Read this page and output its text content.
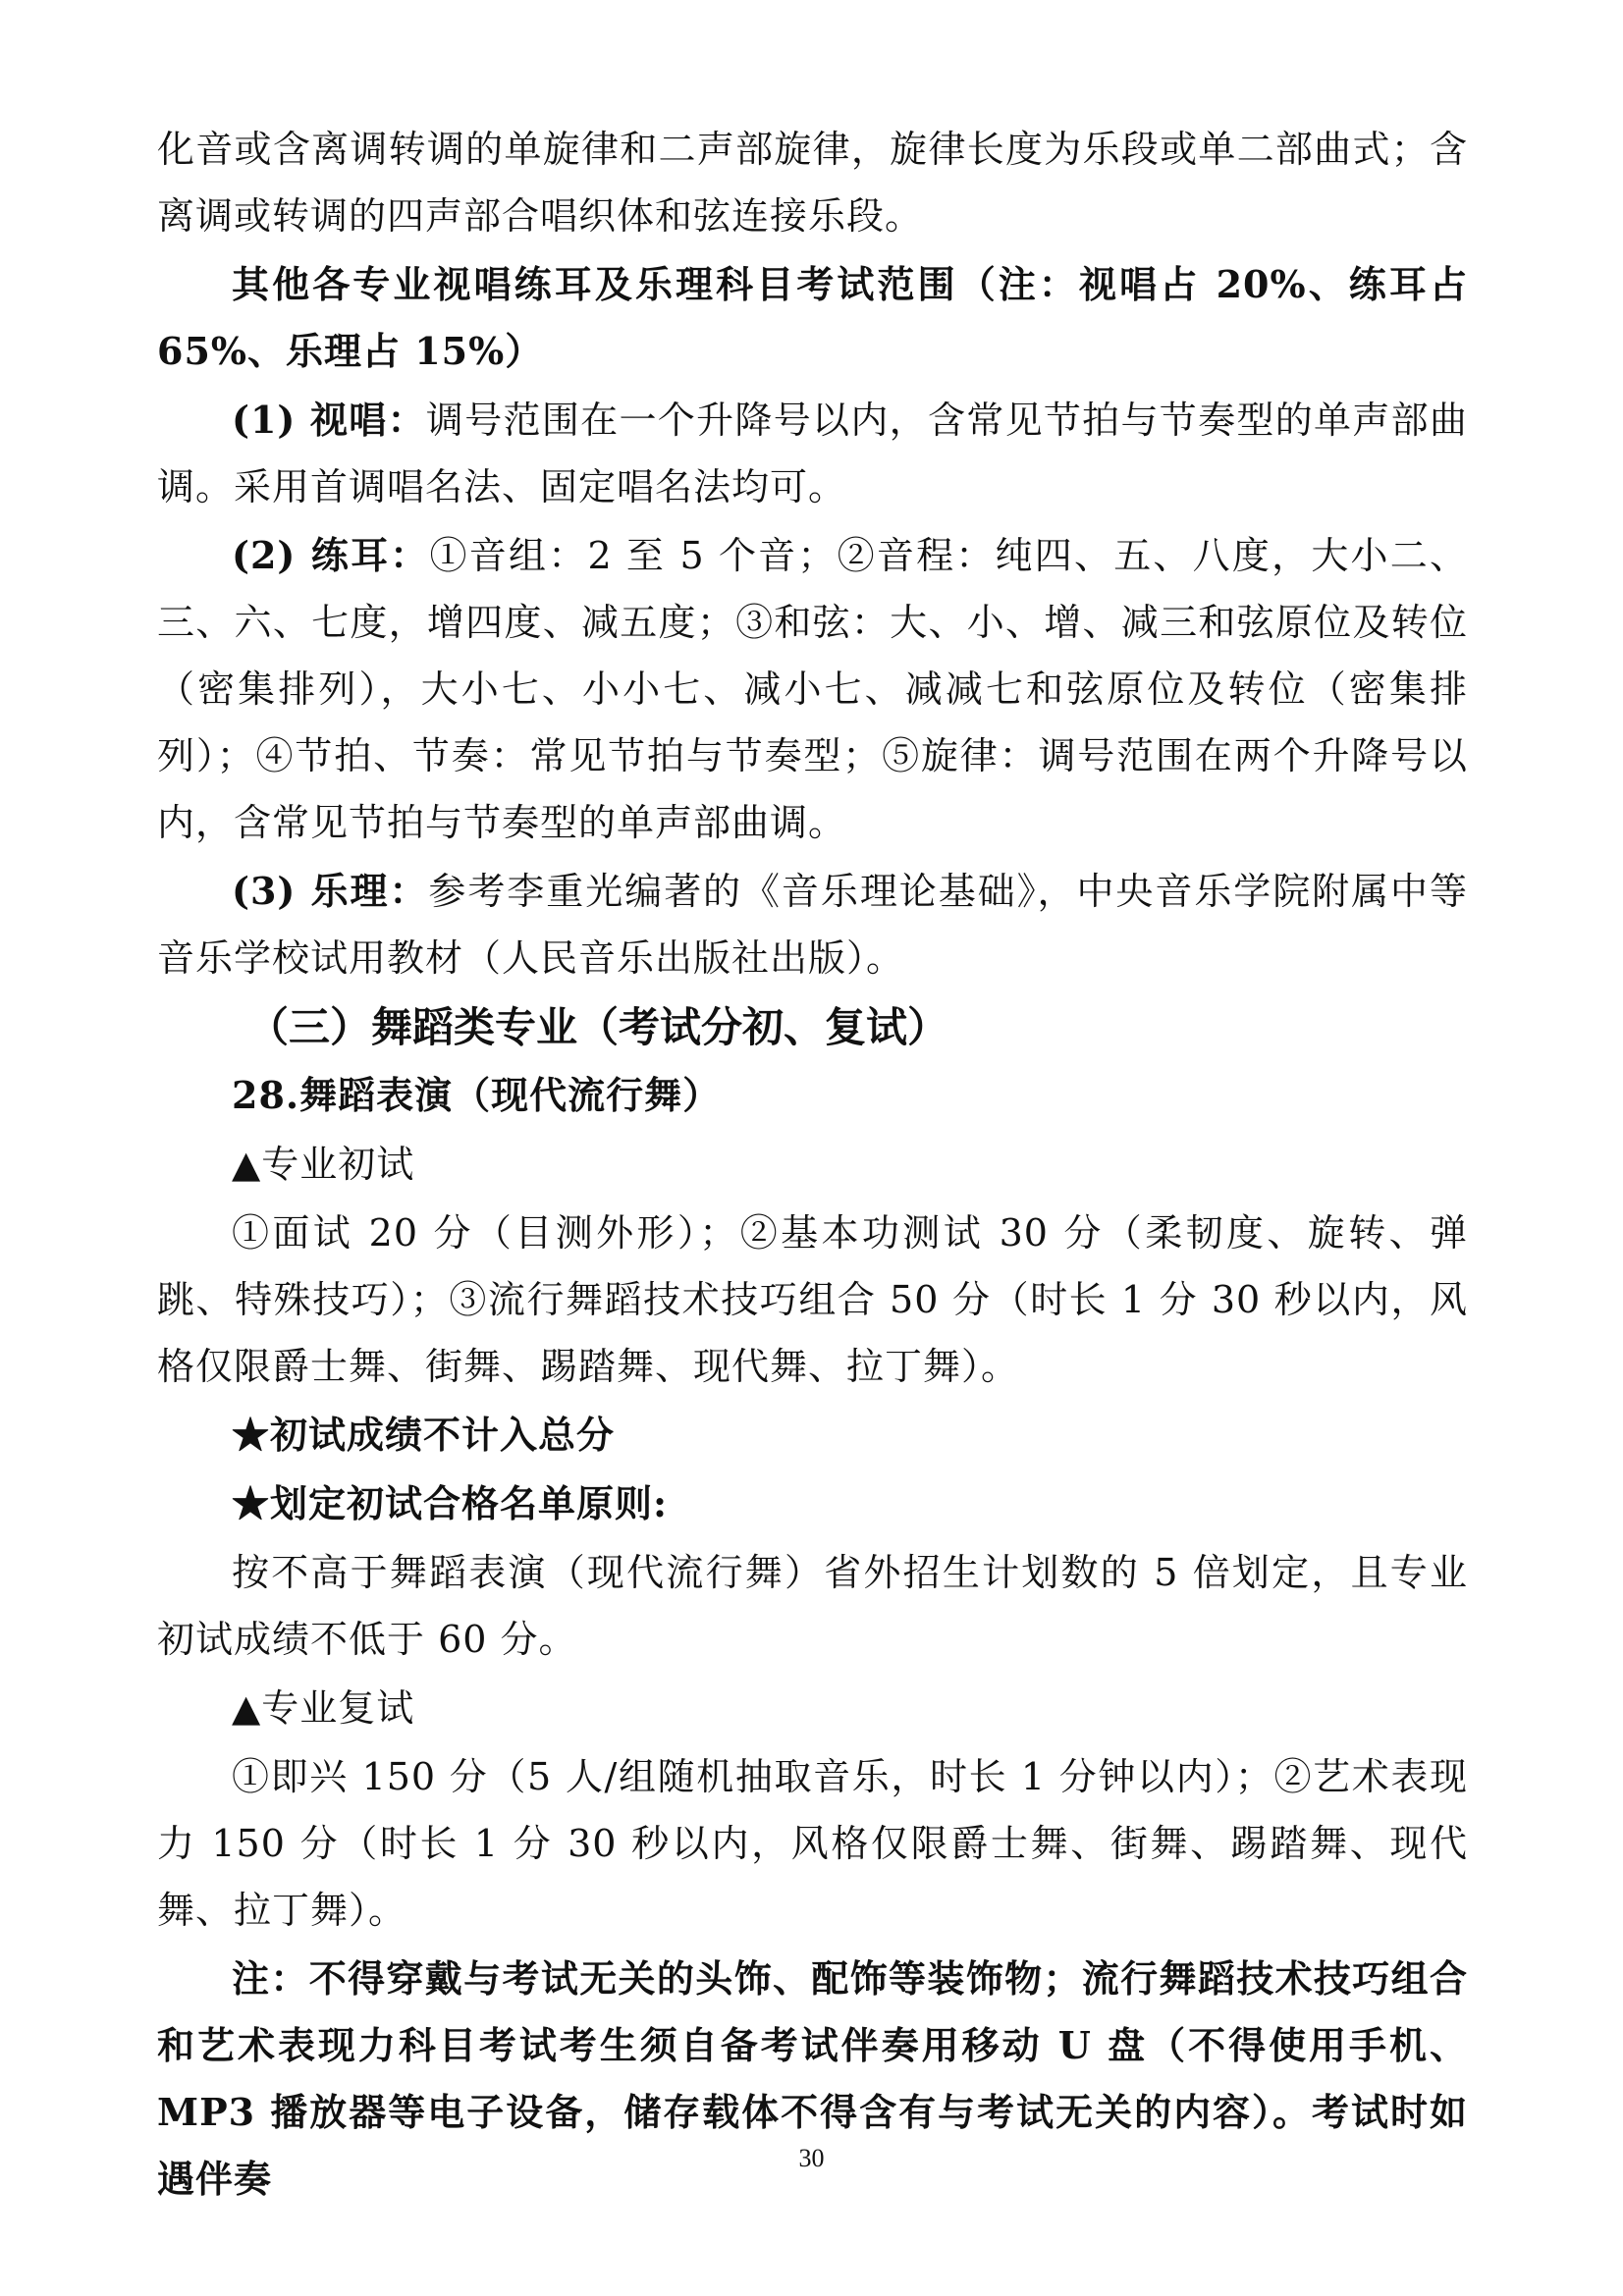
化音或含离调转调的单旋律和二声部旋律，旋律长度为乐段或单二部曲式；含离调或转调的四声部合唱织体和弦连接乐段。

其他各专业视唱练耳及乐理科目考试范围（注：视唱占 20%、练耳占 65%、乐理占 15%）

(1) 视唱：调号范围在一个升降号以内，含常见节拍与节奏型的单声部曲调。采用首调唱名法、固定唱名法均可。

(2) 练耳：①音组：2 至 5 个音；②音程：纯四、五、八度，大小二、三、六、七度，增四度、减五度；③和弦：大、小、增、减三和弦原位及转位（密集排列），大小七、小小七、减小七、减减七和弦原位及转位（密集排列）；④节拍、节奏：常见节拍与节奏型；⑤旋律：调号范围在两个升降号以内，含常见节拍与节奏型的单声部曲调。

(3) 乐理：参考李重光编著的《音乐理论基础》，中央音乐学院附属中等音乐学校试用教材（人民音乐出版社出版）。

（三）舞蹈类专业（考试分初、复试）

28.舞蹈表演（现代流行舞）

▲专业初试

①面试 20 分（目测外形）；②基本功测试 30 分（柔韧度、旋转、弹跳、特殊技巧）；③流行舞蹈技术技巧组合 50 分（时长 1 分 30 秒以内，风格仅限爵士舞、街舞、踢踏舞、现代舞、拉丁舞）。

★初试成绩不计入总分

★划定初试合格名单原则:

按不高于舞蹈表演（现代流行舞）省外招生计划数的 5 倍划定，且专业初试成绩不低于 60 分。

▲专业复试

①即兴 150 分（5 人/组随机抽取音乐，时长 1 分钟以内）；②艺术表现力 150 分（时长 1 分 30 秒以内，风格仅限爵士舞、街舞、踢踏舞、现代舞、拉丁舞）。

注：不得穿戴与考试无关的头饰、配饰等装饰物；流行舞蹈技术技巧组合和艺术表现力科目考试考生须自备考试伴奏用移动 U 盘（不得使用手机、MP3 播放器等电子设备，储存载体不得含有与考试无关的内容）。考试时如遇伴奏	30
